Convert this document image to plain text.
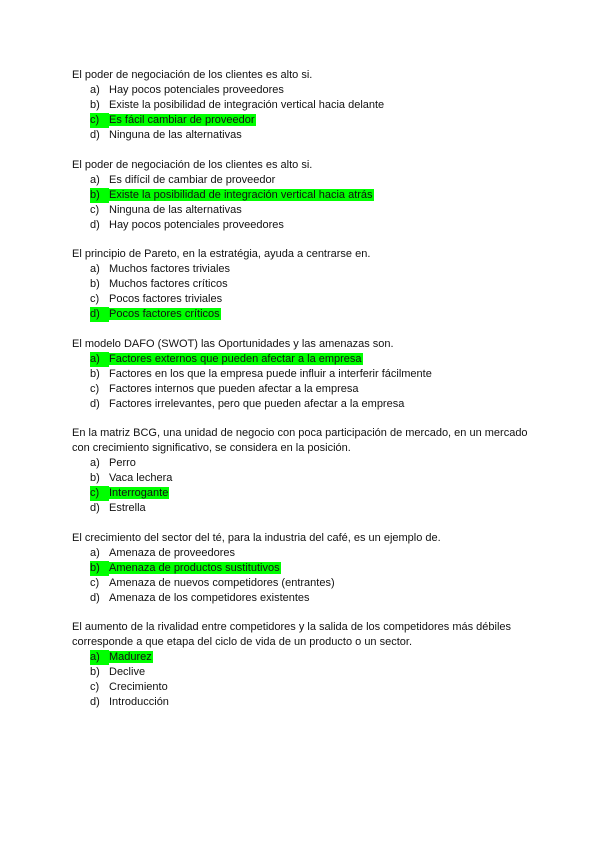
El poder de negociación de los clientes es alto si.

a) Hay pocos potenciales proveedores
b) Existe la posibilidad de integración vertical hacia delante
c) Es fácil cambiar de proveedor
d) Ninguna de las alternativas

El poder de negociación de los clientes es alto si.

a) Es difícil de cambiar de proveedor
b) Existe la posibilidad de integración vertical hacia atrás
c) Ninguna de las alternativas
d) Hay pocos potenciales proveedores

El principio de Pareto, en la estratégia, ayuda a centrarse en.

a) Muchos factores triviales
b) Muchos factores críticos
c) Pocos factores triviales
d) Pocos factores críticos

El modelo DAFO (SWOT) las Oportunidades y las amenazas son.

a) Factores externos que pueden afectar a la empresa
b) Factores en los que la empresa puede influir a interferir fácilmente
c) Factores internos que pueden afectar a la empresa
d) Factores irrelevantes, pero que pueden afectar a la empresa

En la matriz BCG, una unidad de negocio con poca participación de mercado, en un mercado con crecimiento significativo, se considera en la posición.

a) Perro
b) Vaca lechera
c) Interrogante
d) Estrella

El crecimiento del sector del té, para la industria del café, es un ejemplo de.

a) Amenaza de proveedores
b) Amenaza de productos sustitutivos
c) Amenaza de nuevos competidores (entrantes)
d) Amenaza de los competidores existentes

El aumento de la rivalidad entre competidores y la salida de los competidores más débiles corresponde a que etapa del ciclo de vida de un producto o un sector.

a) Madurez
b) Declive
c) Crecimiento
d) Introducción
